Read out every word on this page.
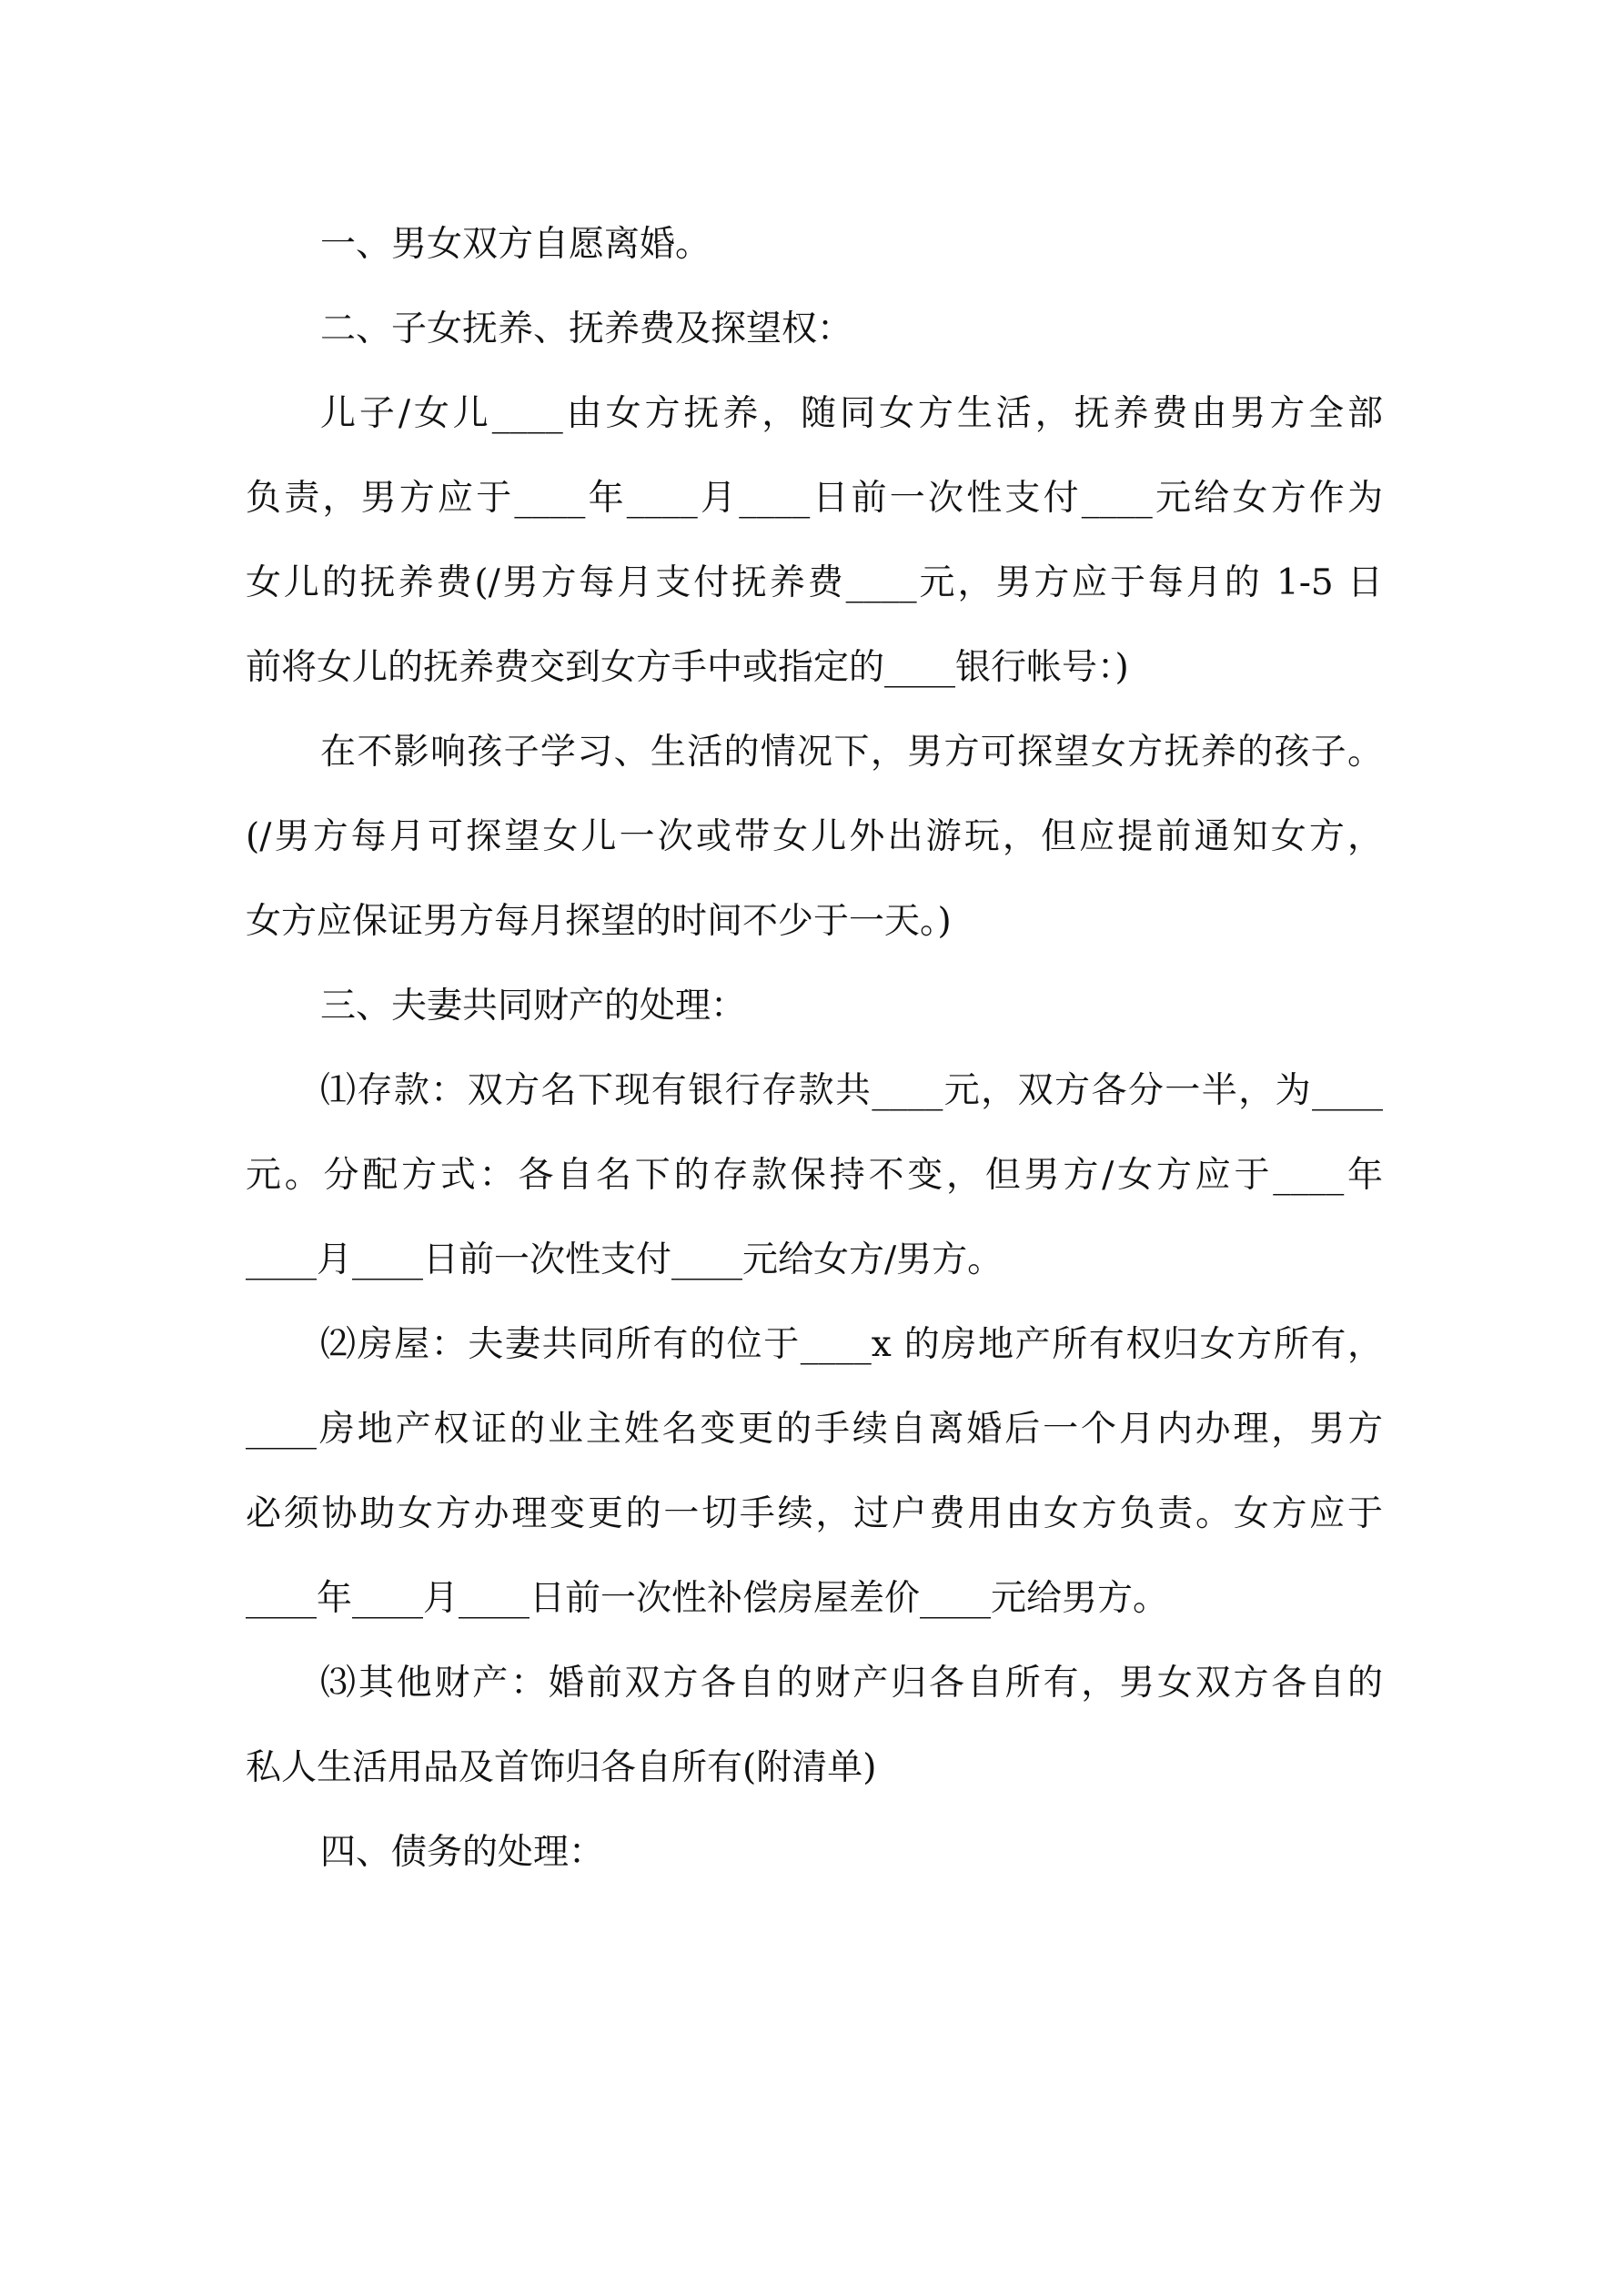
一、男女双方自愿离婚。
二、子女抚养、抚养费及探望权：
儿子/女儿____由女方抚养，随同女方生活，抚养费由男方全部
负责，男方应于____年____月____日前一次性支付____元给女方作为
女儿的抚养费(/男方每月支付抚养费____元，男方应于每月的 1-5 日
前将女儿的抚养费交到女方手中或指定的____银行帐号：)
在不影响孩子学习、生活的情况下，男方可探望女方抚养的孩子。
(/男方每月可探望女儿一次或带女儿外出游玩，但应提前通知女方，
女方应保证男方每月探望的时间不少于一天。)
三、夫妻共同财产的处理：
⑴存款：双方名下现有银行存款共____元，双方各分一半，为____
元。分配方式：各自名下的存款保持不变，但男方/女方应于____年
____月____日前一次性支付____元给女方/男方。
⑵房屋：夫妻共同所有的位于____x 的房地产所有权归女方所有，
____房地产权证的业主姓名变更的手续自离婚后一个月内办理，男方
必须协助女方办理变更的一切手续，过户费用由女方负责。女方应于
____年____月____日前一次性补偿房屋差价____元给男方。
⑶其他财产：婚前双方各自的财产归各自所有，男女双方各自的
私人生活用品及首饰归各自所有(附清单)
四、债务的处理：
